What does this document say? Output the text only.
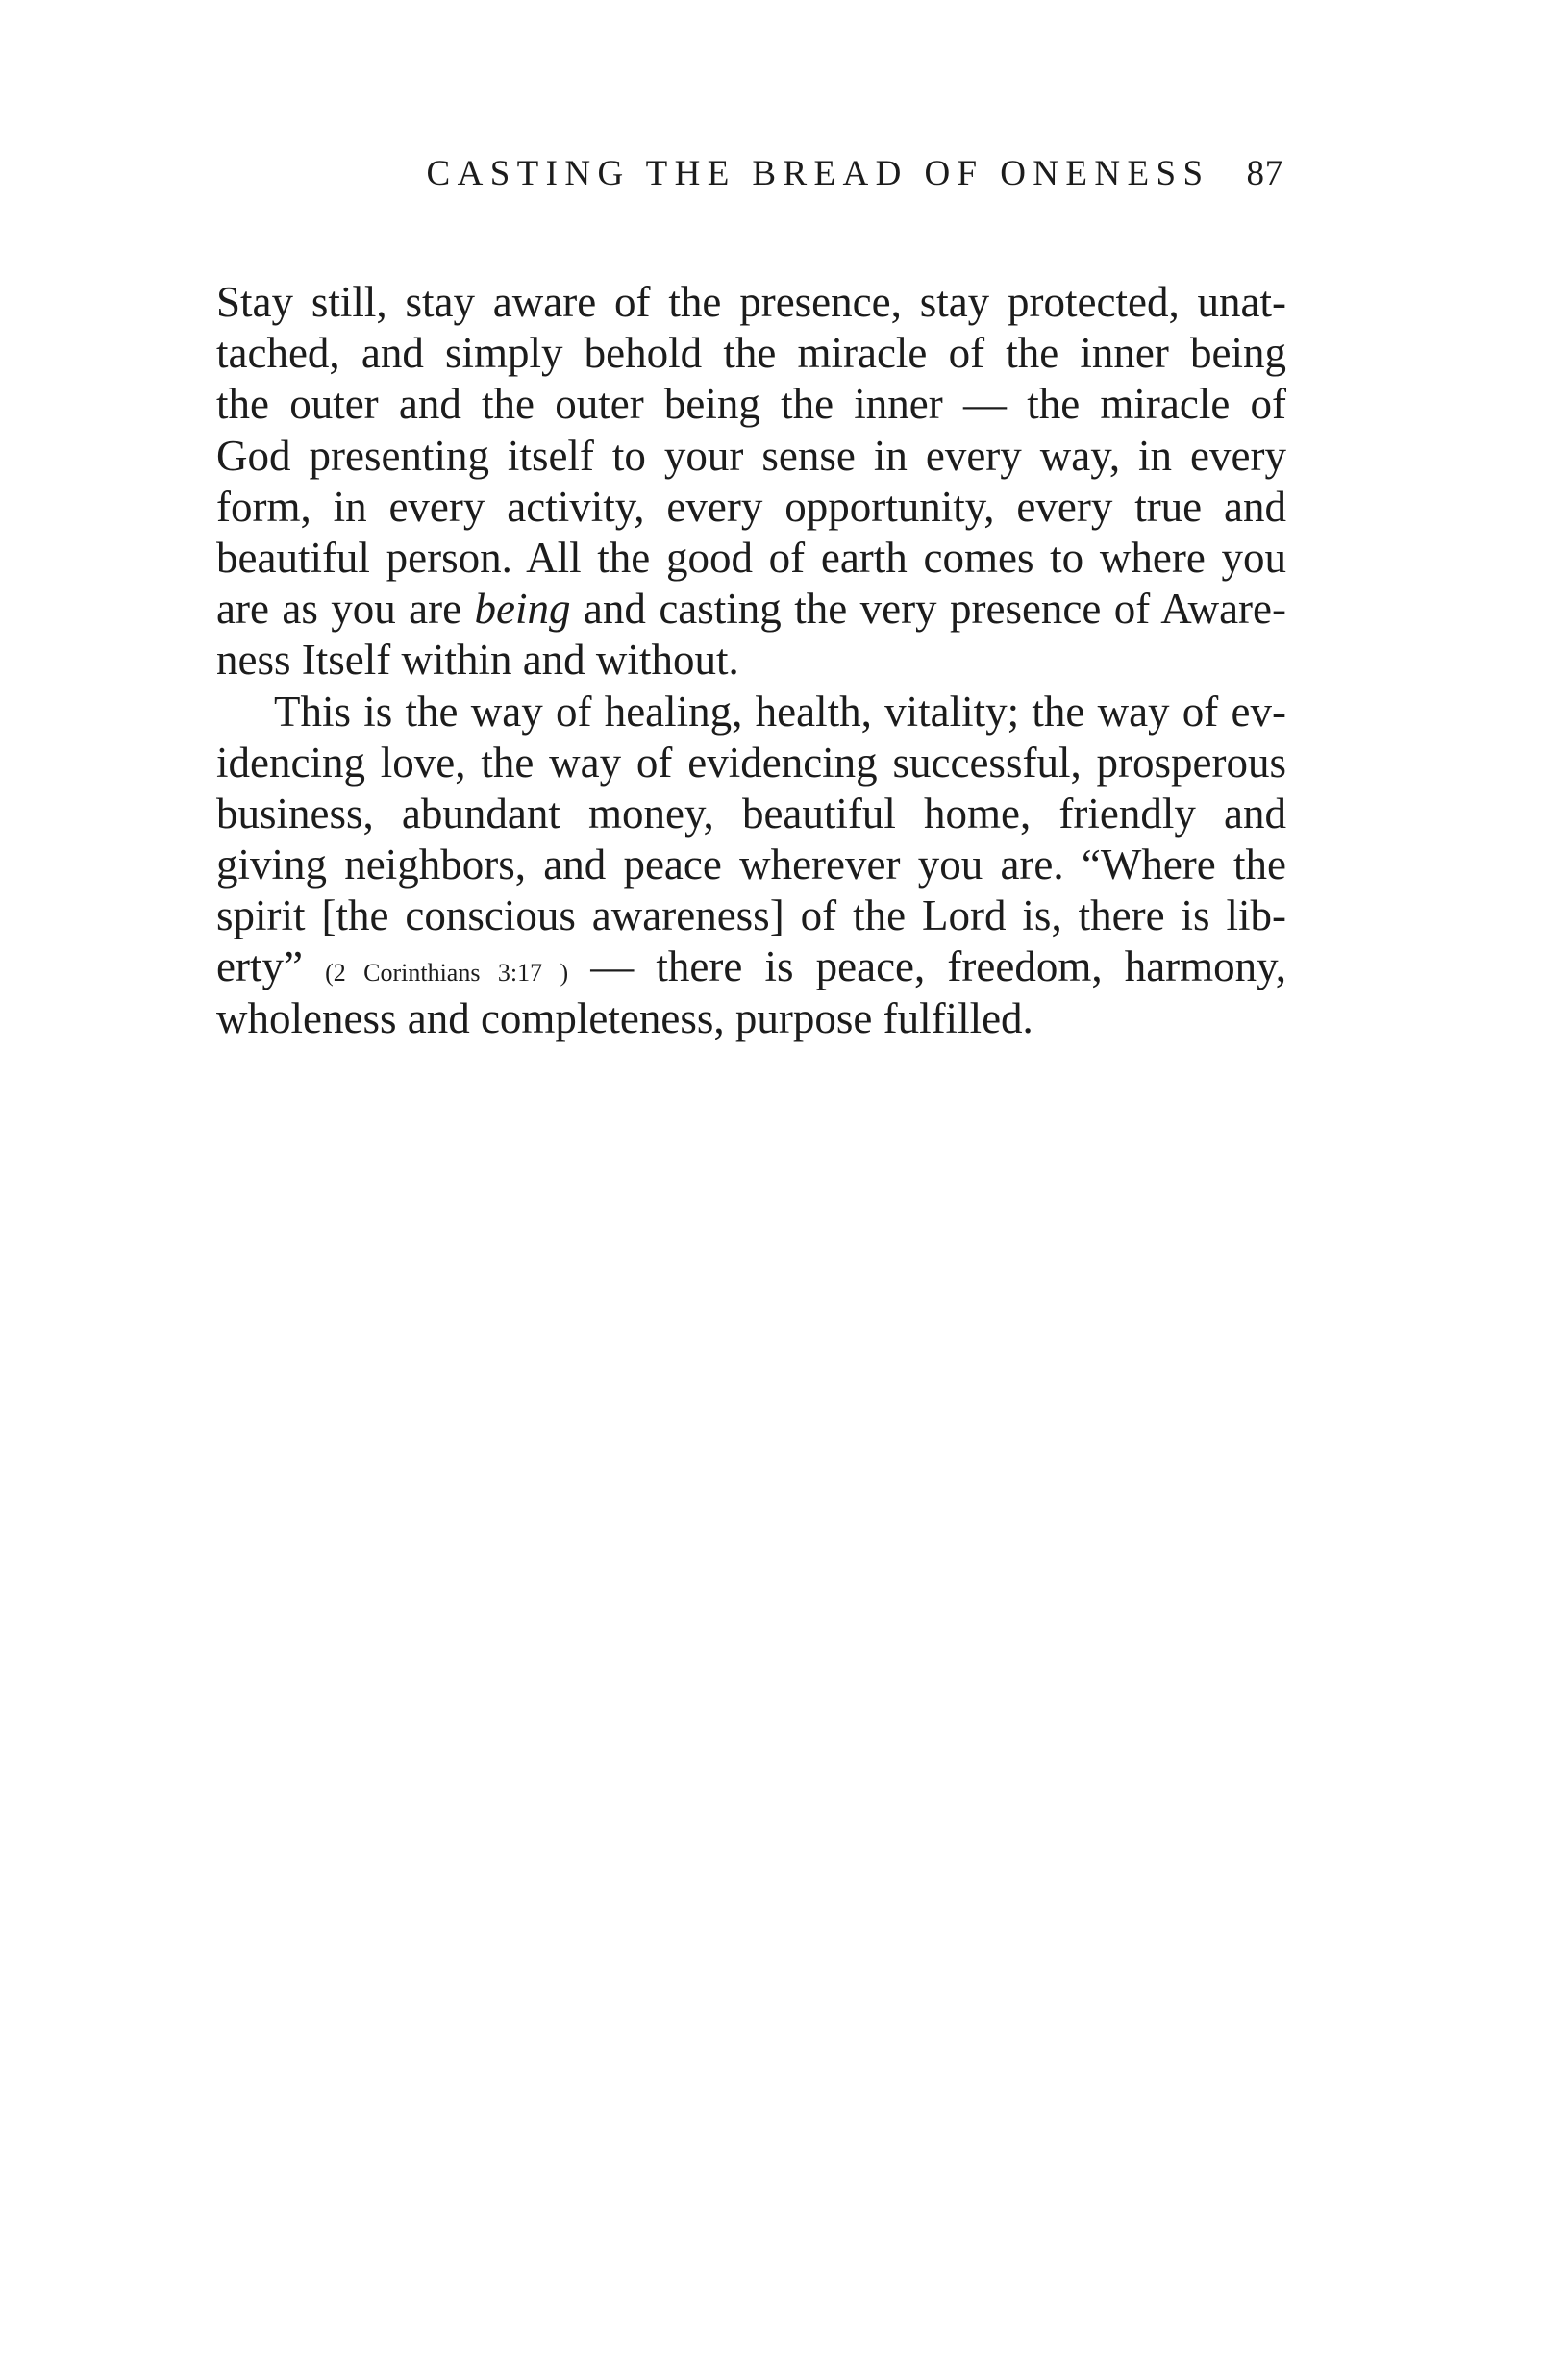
CASTING THE BREAD OF ONENESS 87
Stay still, stay aware of the presence, stay protected, unat-
tached, and simply behold the miracle of the inner being
the outer and the outer being the inner — the miracle of
God presenting itself to your sense in every way, in every
form, in every activity, every opportunity, every true and
beautiful person. All the good of earth comes to where you
are as you are being and casting the very presence of Aware-
ness Itself within and without.
This is the way of healing, health, vitality; the way of ev-
idencing love, the way of evidencing successful, prosperous
business, abundant money, beautiful home, friendly and
giving neighbors, and peace wherever you are. “Where the
spirit [the conscious awareness] of the Lord is, there is lib-
erty” (2 Corinthians 3:17 ) — there is peace, freedom, harmony,
wholeness and completeness, purpose fulfilled.
